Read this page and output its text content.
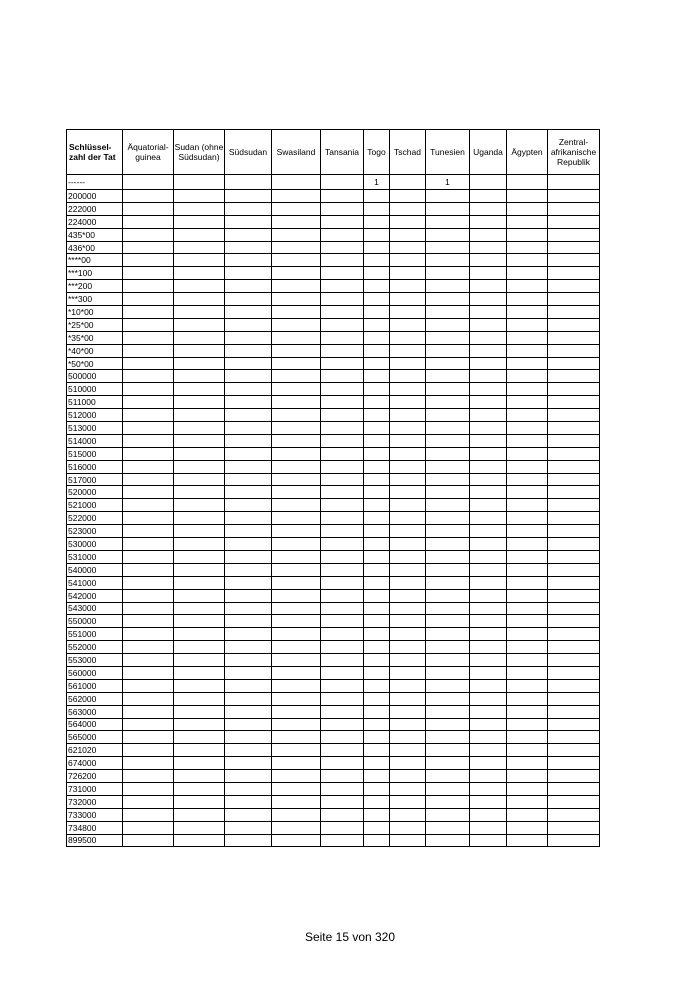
Schlüssel-zahl der Tat	Äquatorial-guinea	Sudan (ohne Südsudan)	Südsudan	Swasiland	Tansania	Togo	Tschad	Tunesien	Uganda	Ägypten	Zentral-afrikanische Republik
------						1		1			
200000											
222000											
224000											
435*00											
436*00											
****00											
***100											
***200											
***300											
*10*00											
*25*00											
*35*00											
*40*00											
*50*00											
500000											
510000											
511000											
512000											
513000											
514000											
515000											
516000											
517000											
520000											
521000											
522000											
523000											
530000											
531000											
540000											
541000											
542000											
543000											
550000											
551000											
552000											
553000											
560000											
561000											
562000											
563000											
564000											
565000											
621020											
674000											
726200											
731000											
732000											
733000											
734800											
899500											
Seite 15 von 320
